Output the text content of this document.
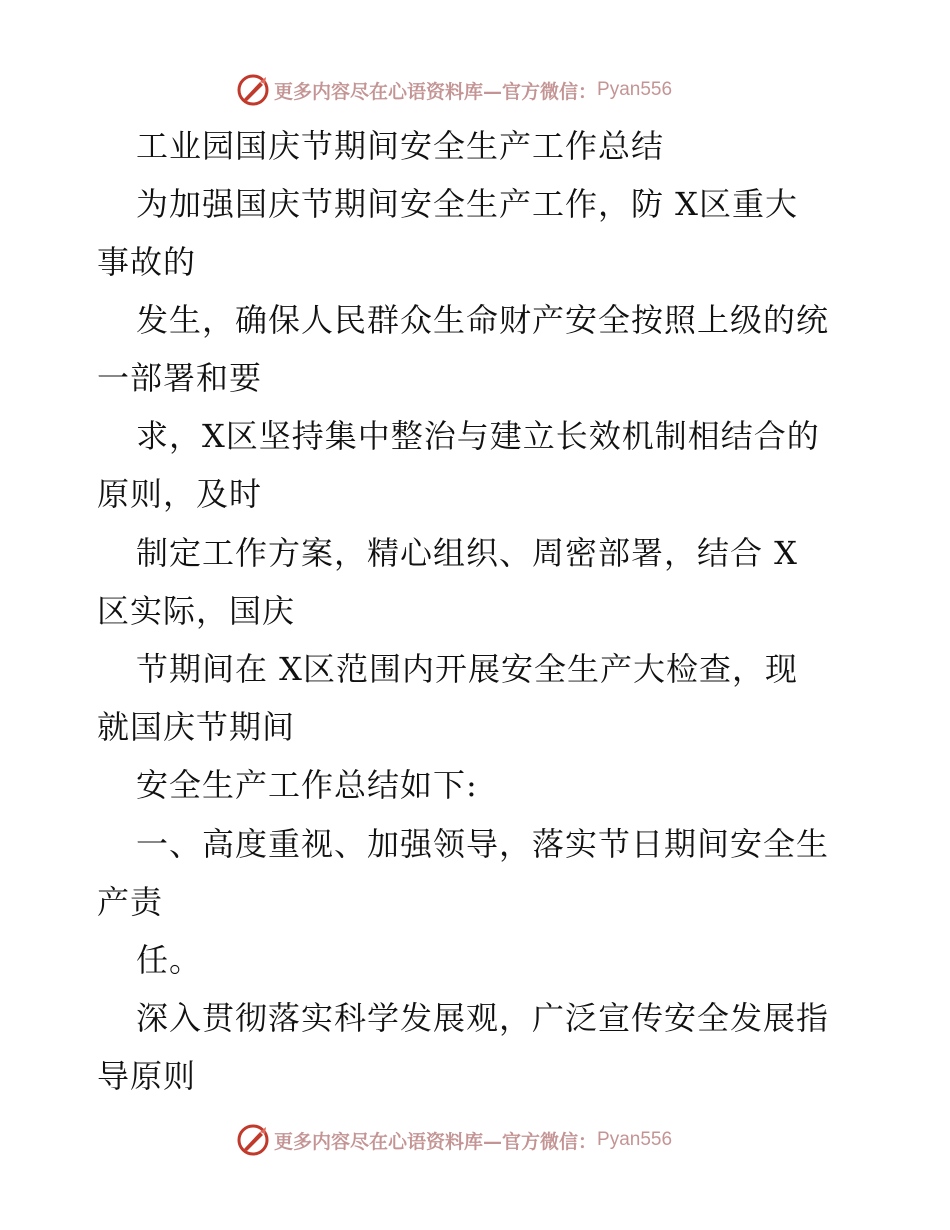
更多内容尽在心语资料库—官方微信： Pyan556
工业园国庆节期间安全生产工作总结
为加强国庆节期间安全生产工作，防 X区重大
事故的
发生，确保人民群众生命财产安全按照上级的统
一部署和要
求，X区坚持集中整治与建立长效机制相结合的
原则，及时
制定工作方案，精心组织、周密部署，结合 X
区实际，国庆
节期间在 X区范围内开展安全生产大检查，现
就国庆节期间
安全生产工作总结如下:
一、高度重视、加强领导，落实节日期间安全生
产责
任。
深入贯彻落实科学发展观，广泛宣传安全发展指
导原则
更多内容尽在心语资料库—官方微信： Pyan556
